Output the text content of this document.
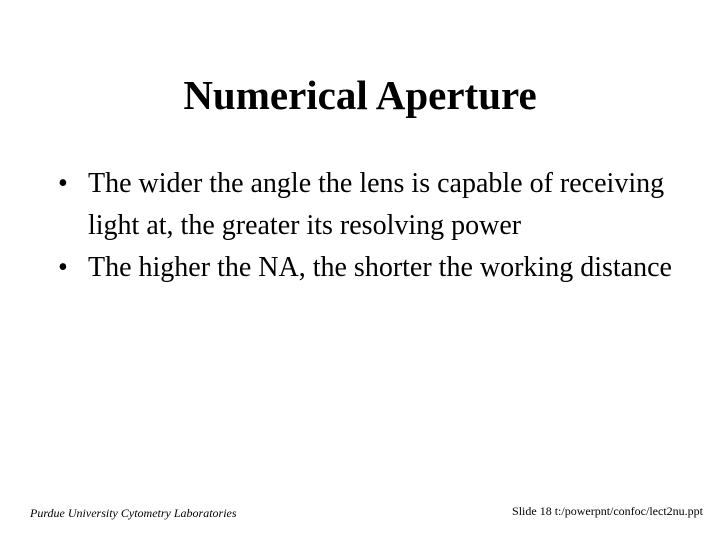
Numerical Aperture
• The wider the angle the lens is capable of receiving light at, the greater its resolving power
• The higher the NA, the shorter the working distance
Purdue University Cytometry Laboratories	Slide 18 t:/powerpnt/confoc/lect2nu.ppt
